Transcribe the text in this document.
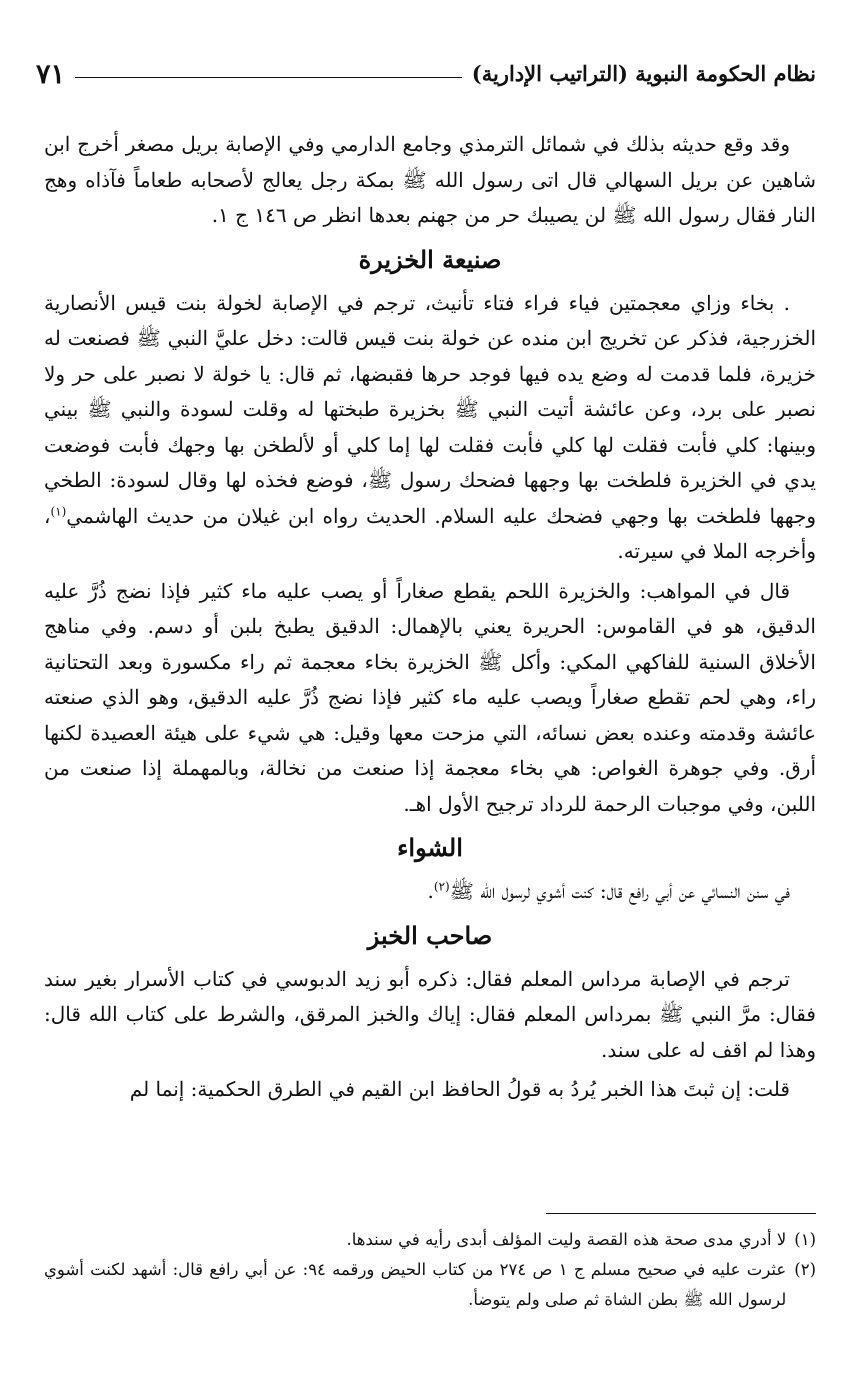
نظام الحكومة النبوية (التراتيب الإدارية)
٧١

وقد وقع حديثه بذلك في شمائل الترمذي وجامع الدارمي وفي الإصابة بريل مصغر أخرج ابن شاهين عن بريل السهالي قال اتى رسول الله ﷺ بمكة رجل يعالج لأصحابه طعاماً فآذاه وهج النار فقال رسول الله ﷺ لن يصيبك حر من جهنم بعدها انظر ص ١٤٦ ج ١.

صنيعة الخزيرة

. بخاء وزاي معجمتين فياء فراء فتاء تأنيث، ترجم في الإصابة لخولة بنت قيس الأنصارية الخزرجية، فذكر عن تخريج ابن منده عن خولة بنت قيس قالت: دخل عليَّ النبي ﷺ فصنعت له خزيرة، فلما قدمت له وضع يده فيها فوجد حرها فقبضها، ثم قال: يا خولة لا نصبر على حر ولا نصبر على برد، وعن عائشة أتيت النبي ﷺ بخزيرة طبختها له وقلت لسودة والنبي ﷺ بيني وبينها: كلي فأبت فقلت لها كلي فأبت فقلت لها إما كلي أو لألطخن بها وجهك فأبت فوضعت يدي في الخزيرة فلطخت بها وجهها فضحك رسول ﷺ، فوضع فخذه لها وقال لسودة: الطخي وجهها فلطخت بها وجهي فضحك عليه السلام. الحديث رواه ابن غيلان من حديث الهاشمي$^{(١)}$، وأخرجه الملا في سيرته.

قال في المواهب: والخزيرة اللحم يقطع صغاراً أو يصب عليه ماء كثير فإذا نضج ذُرَّ عليه الدقيق، هو في القاموس: الحريرة يعني بالإهمال: الدقيق يطبخ بلبن أو دسم. وفي مناهج الأخلاق السنية للفاكهي المكي: وأكل ﷺ الخزيرة بخاء معجمة ثم راء مكسورة وبعد التحتانية راء، وهي لحم تقطع صغاراً ويصب عليه ماء كثير فإذا نضج ذُرَّ عليه الدقيق، وهو الذي صنعته عائشة وقدمته وعنده بعض نسائه، التي مزحت معها وقيل: هي شيء على هيئة العصيدة لكنها أرق. وفي جوهرة الغواص: هي بخاء معجمة إذا صنعت من نخالة، وبالمهملة إذا صنعت من اللبن، وفي موجبات الرحمة للرداد ترجيح الأول اهـ.

الشواء

في سنن النسائي عن أبي رافع قال: كنت أشوي لرسول الله ﷺ$^{(٢)}$.

صاحب الخبز

ترجم في الإصابة مرداس المعلم فقال: ذكره أبو زيد الدبوسي في كتاب الأسرار بغير سند فقال: مرَّ النبي ﷺ بمرداس المعلم فقال: إياك والخبز المرقق، والشرط على كتاب الله قال: وهذا لم اقف له على سند.

قلت: إن ثبتَ هذا الخبر يُردُ به قولُ الحافظ ابن القيم في الطرق الحكمية: إنما لم

(١)
لا أدري مدى صحة هذه القصة وليت المؤلف أبدى رأيه في سندها.
(٢)
عثرت عليه في صحيح مسلم ج ١ ص ٢٧٤ من كتاب الحيض ورقمه ٩٤: عن أبي رافع قال: أشهد لكنت أشوي لرسول الله ﷺ بطن الشاة ثم صلى ولم يتوضأ.
